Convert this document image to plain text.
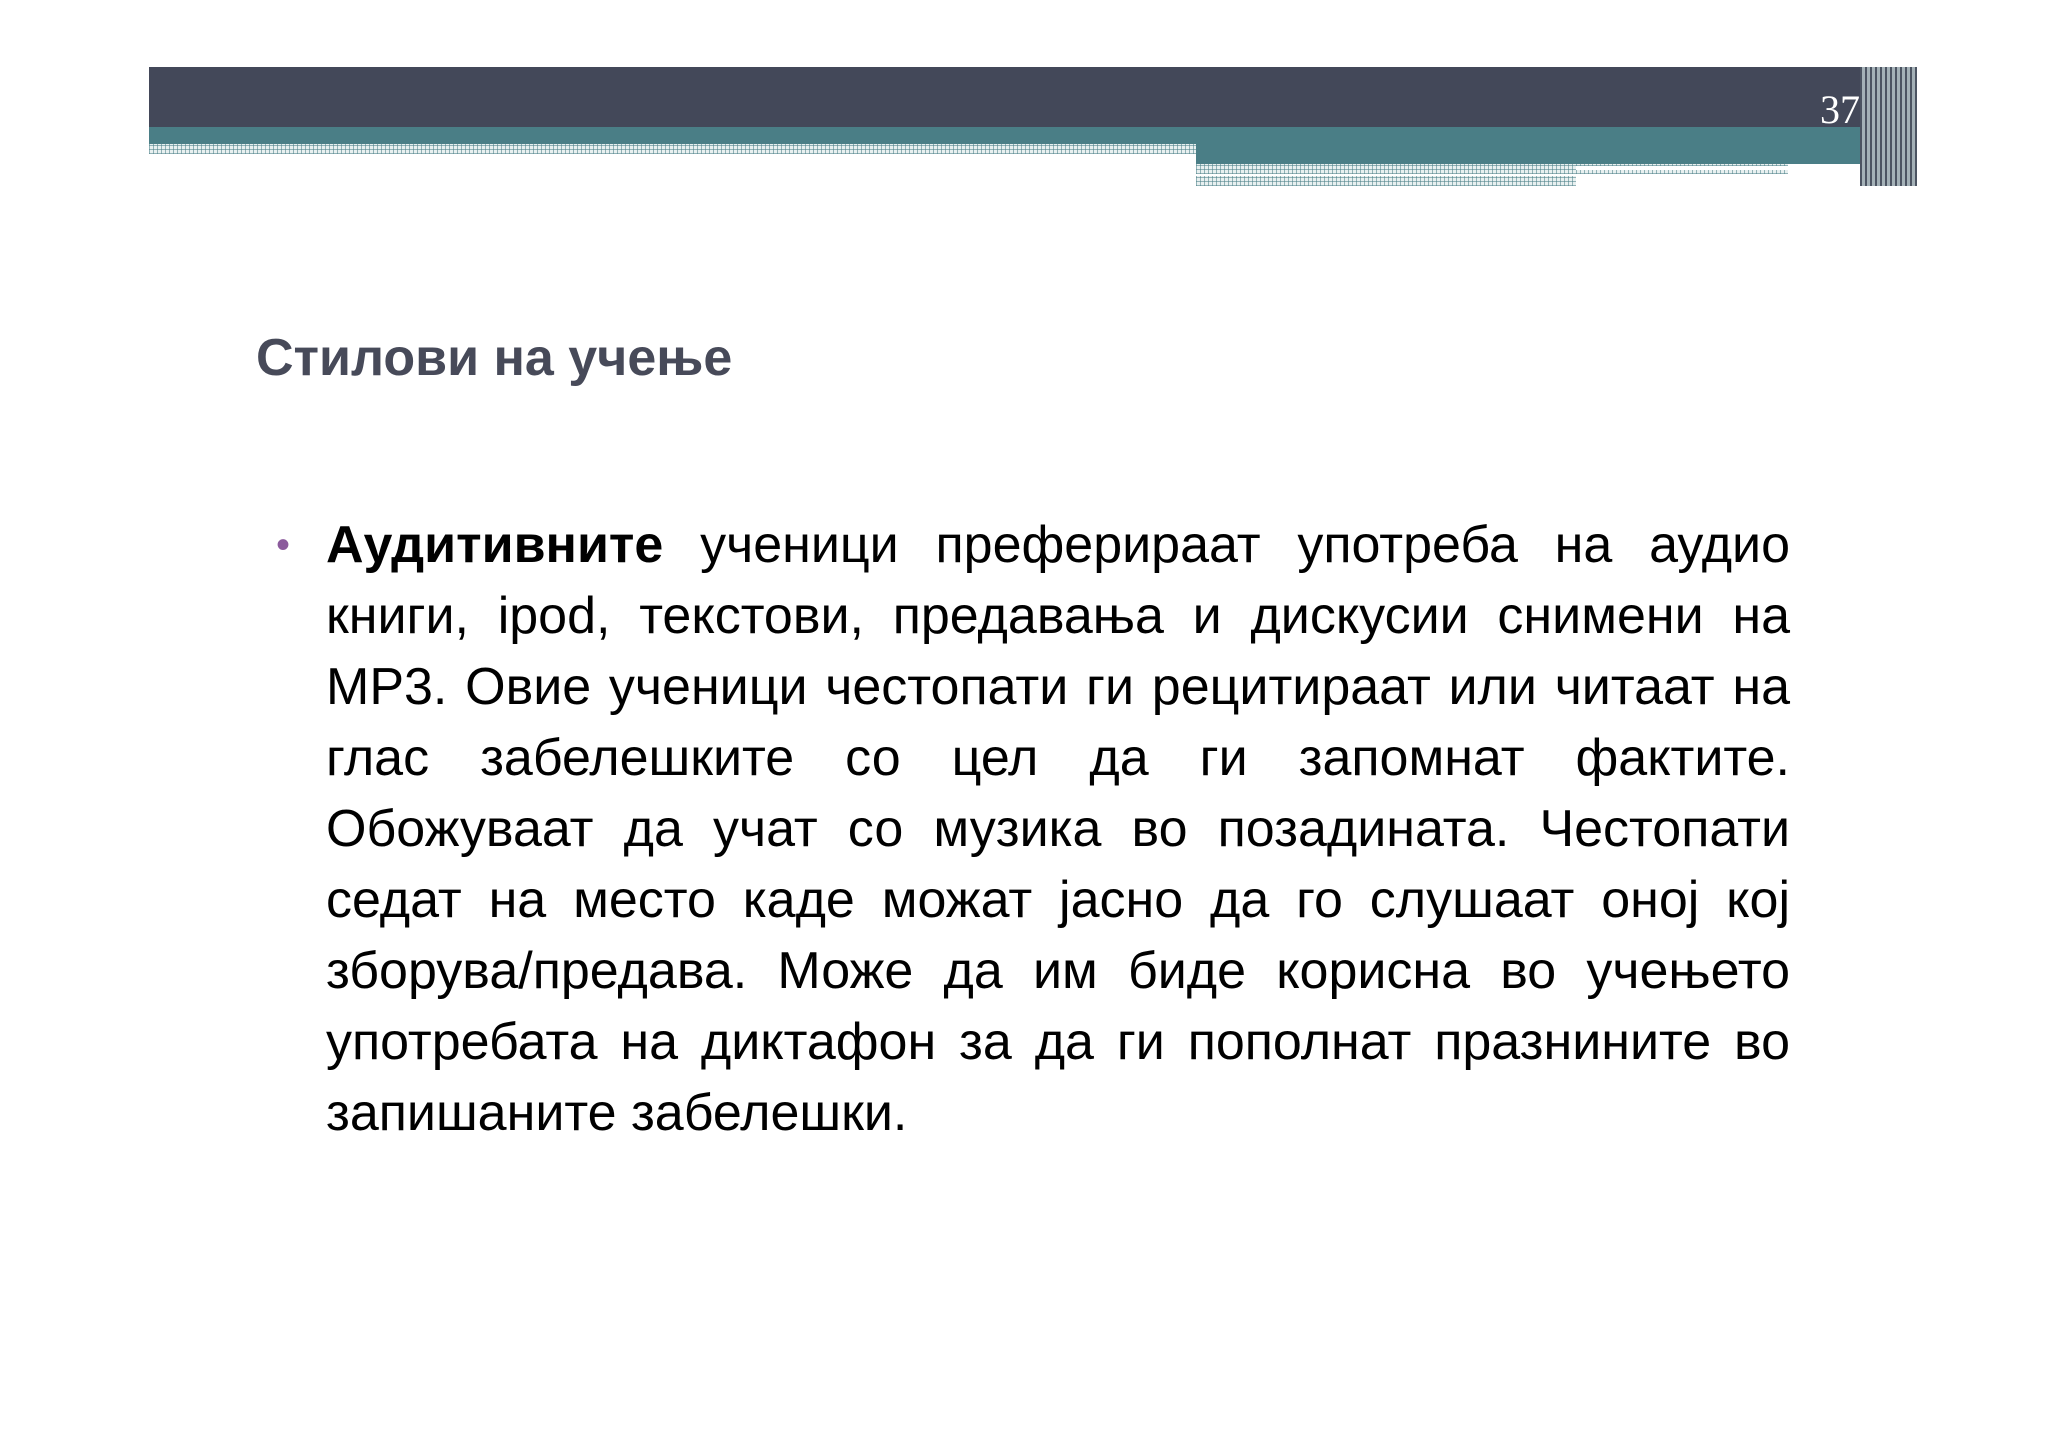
37
Стилови на учење
• Аудитивните ученици преферираат употреба на аудио книги, ipod, текстови, предавања и дискусии снимени на MP3. Овие ученици честопати ги рецитираат или читаат на глас забелешките со цел да ги запомнат фактите. Обожуваат да учат со музика во позадината. Честопати седат на место каде можат јасно да го слушаат оној кој зборува/предава. Може да им биде корисна во учењето употребата на диктафон за да ги пополнат празнините во запишаните забелешки.
